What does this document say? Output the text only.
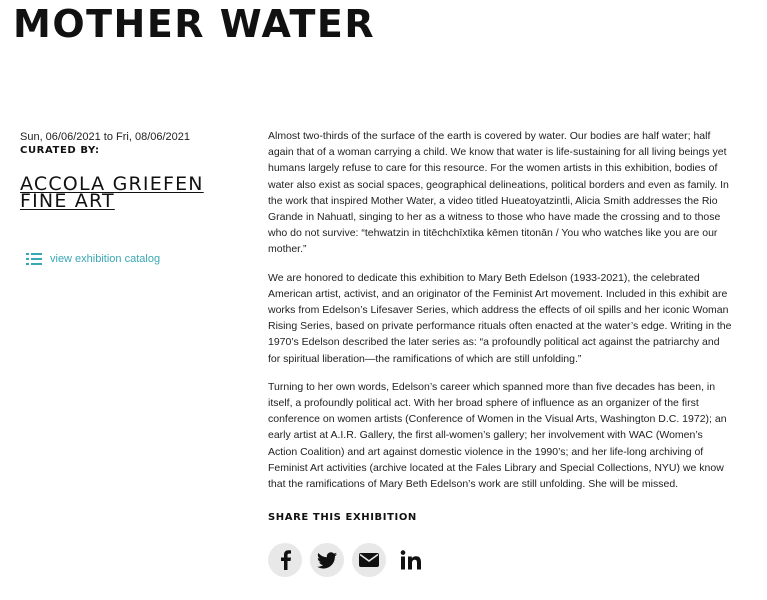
MOTHER WATER
Sun, 06/06/2021 to Fri, 08/06/2021
CURATED BY:
ACCOLA GRIEFEN FINE ART
view exhibition catalog

Almost two-thirds of the surface of the earth is covered by water. Our bodies are half water; half again that of a woman carrying a child. We know that water is life-sustaining for all living beings yet humans largely refuse to care for this resource. For the women artists in this exhibition, bodies of water also exist as social spaces, geographical delineations, political borders and even as family. In the work that inspired Mother Water, a video titled Hueatoyatzintli, Alicia Smith addresses the Rio Grande in Nahuatl, singing to her as a witness to those who have made the crossing and to those who do not survive: “tehwatzin in titēchchīxtika kēmen titonān / You who watches like you are our mother.”

We are honored to dedicate this exhibition to Mary Beth Edelson (1933-2021), the celebrated American artist, activist, and an originator of the Feminist Art movement. Included in this exhibit are works from Edelson’s Lifesaver Series, which address the effects of oil spills and her iconic Woman Rising Series, based on private performance rituals often enacted at the water’s edge. Writing in the 1970’s Edelson described the later series as: “a profoundly political act against the patriarchy and for spiritual liberation—the ramifications of which are still unfolding.”

Turning to her own words, Edelson’s career which spanned more than five decades has been, in itself, a profoundly political act. With her broad sphere of influence as an organizer of the first conference on women artists (Conference of Women in the Visual Arts, Washington D.C. 1972); an early artist at A.I.R. Gallery, the first all-women’s gallery; her involvement with WAC (Women’s Action Coalition) and art against domestic violence in the 1990’s; and her life-long archiving of Feminist Art activities (archive located at the Fales Library and Special Collections, NYU) we know that the ramifications of Mary Beth Edelson’s work are still unfolding. She will be missed.

SHARE THIS EXHIBITION
